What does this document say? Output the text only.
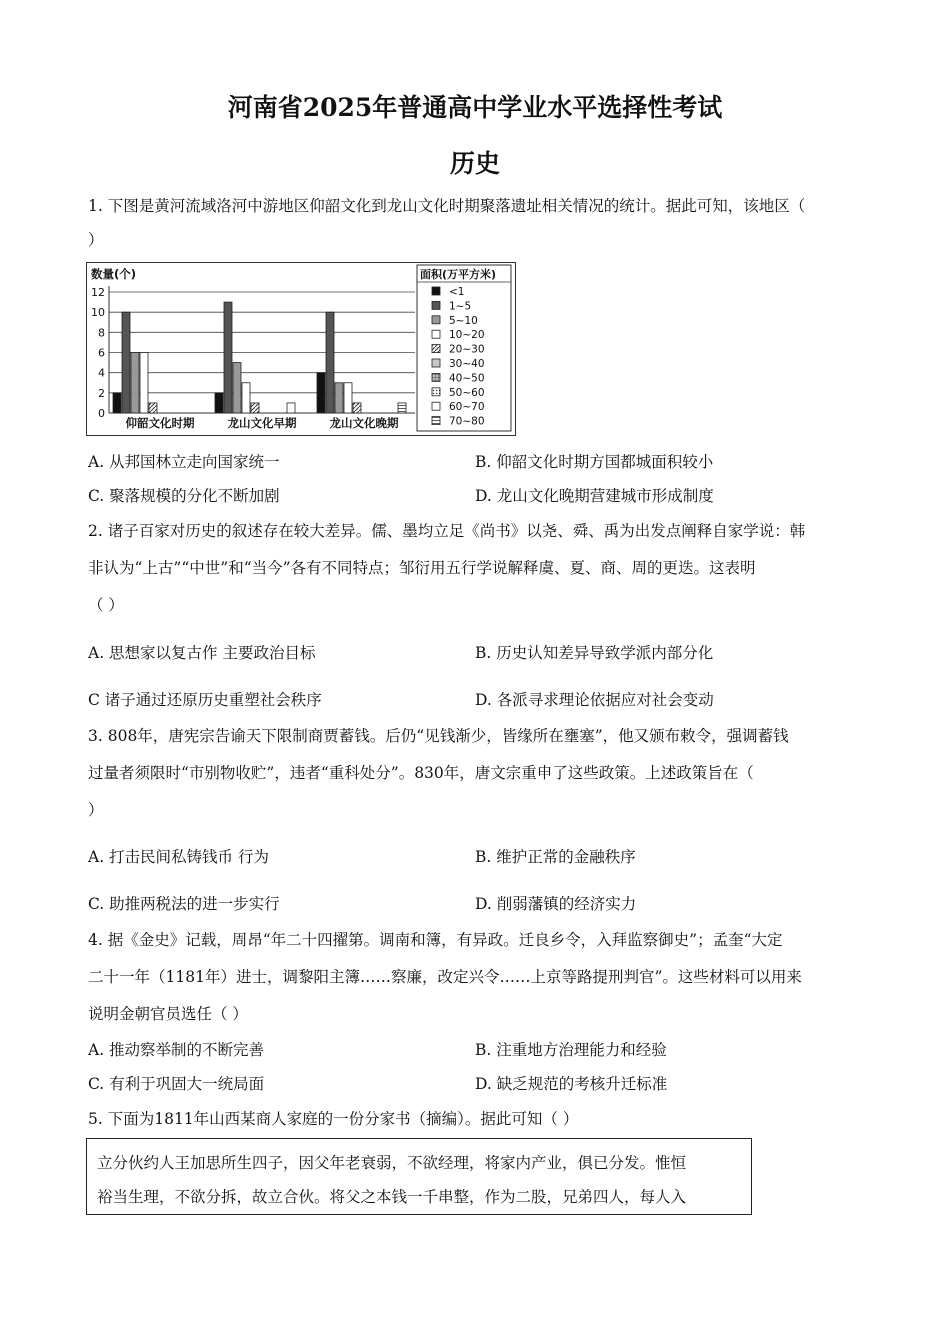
河南省2025年普通高中学业水平选择性考试
历史
1. 下图是黄河流域洛河中游地区仰韶文化到龙山文化时期聚落遗址相关情况的统计。据此可知，该地区（
）
数量(个)
12
10
8
6
4
2
0
仰韶文化时期	龙山文化早期	龙山文化晚期
面积(万平方米)
<1
1~5
5~10
10~20
20~30
30~40
40~50
50~60
60~70
70~80
A. 从邦国林立走向国家统一	B. 仰韶文化时期方国都城面积较小
C. 聚落规模的分化不断加剧	D. 龙山文化晚期营建城市形成制度
2. 诸子百家对历史的叙述存在较大差异。儒、墨均立足《尚书》以尧、舜、禹为出发点阐释自家学说：韩
非认为“上古”“中世”和“当今”各有不同特点；邹衍用五行学说解释虞、夏、商、周的更迭。这表明
（ ）
A. 思想家以复古作 主要政治目标	B. 历史认知差异导致学派内部分化
C 诸子通过还原历史重塑社会秩序	D. 各派寻求理论依据应对社会变动
3. 808年，唐宪宗告谕天下限制商贾蓄钱。后仍“见钱渐少，皆缘所在壅塞”，他又颁布敕令，强调蓄钱
过量者须限时“市别物收贮”，违者“重科处分”。830年，唐文宗重申了这些政策。上述政策旨在（
）
A. 打击民间私铸钱币 行为	B. 维护正常的金融秩序
C. 助推两税法的进一步实行	D. 削弱藩镇的经济实力
4. 据《金史》记载，周昂“年二十四擢第。调南和簿，有异政。迁良乡令，入拜监察御史”；孟奎“大定
二十一年（1181年）进士，调黎阳主簿……察廉，改定兴令……上京等路提刑判官”。这些材料可以用来
说明金朝官员选任（ ）
A. 推动察举制的不断完善	B. 注重地方治理能力和经验
C. 有利于巩固大一统局面	D. 缺乏规范的考核升迁标准
5. 下面为1811年山西某商人家庭的一份分家书（摘编）。据此可知（ ）
立分伙约人王加思所生四子，因父年老衰弱，不欲经理，将家内产业，俱已分发。惟恒
裕当生理，不欲分拆，故立合伙。将父之本钱一千串整，作为二股，兄弟四人，每人入
